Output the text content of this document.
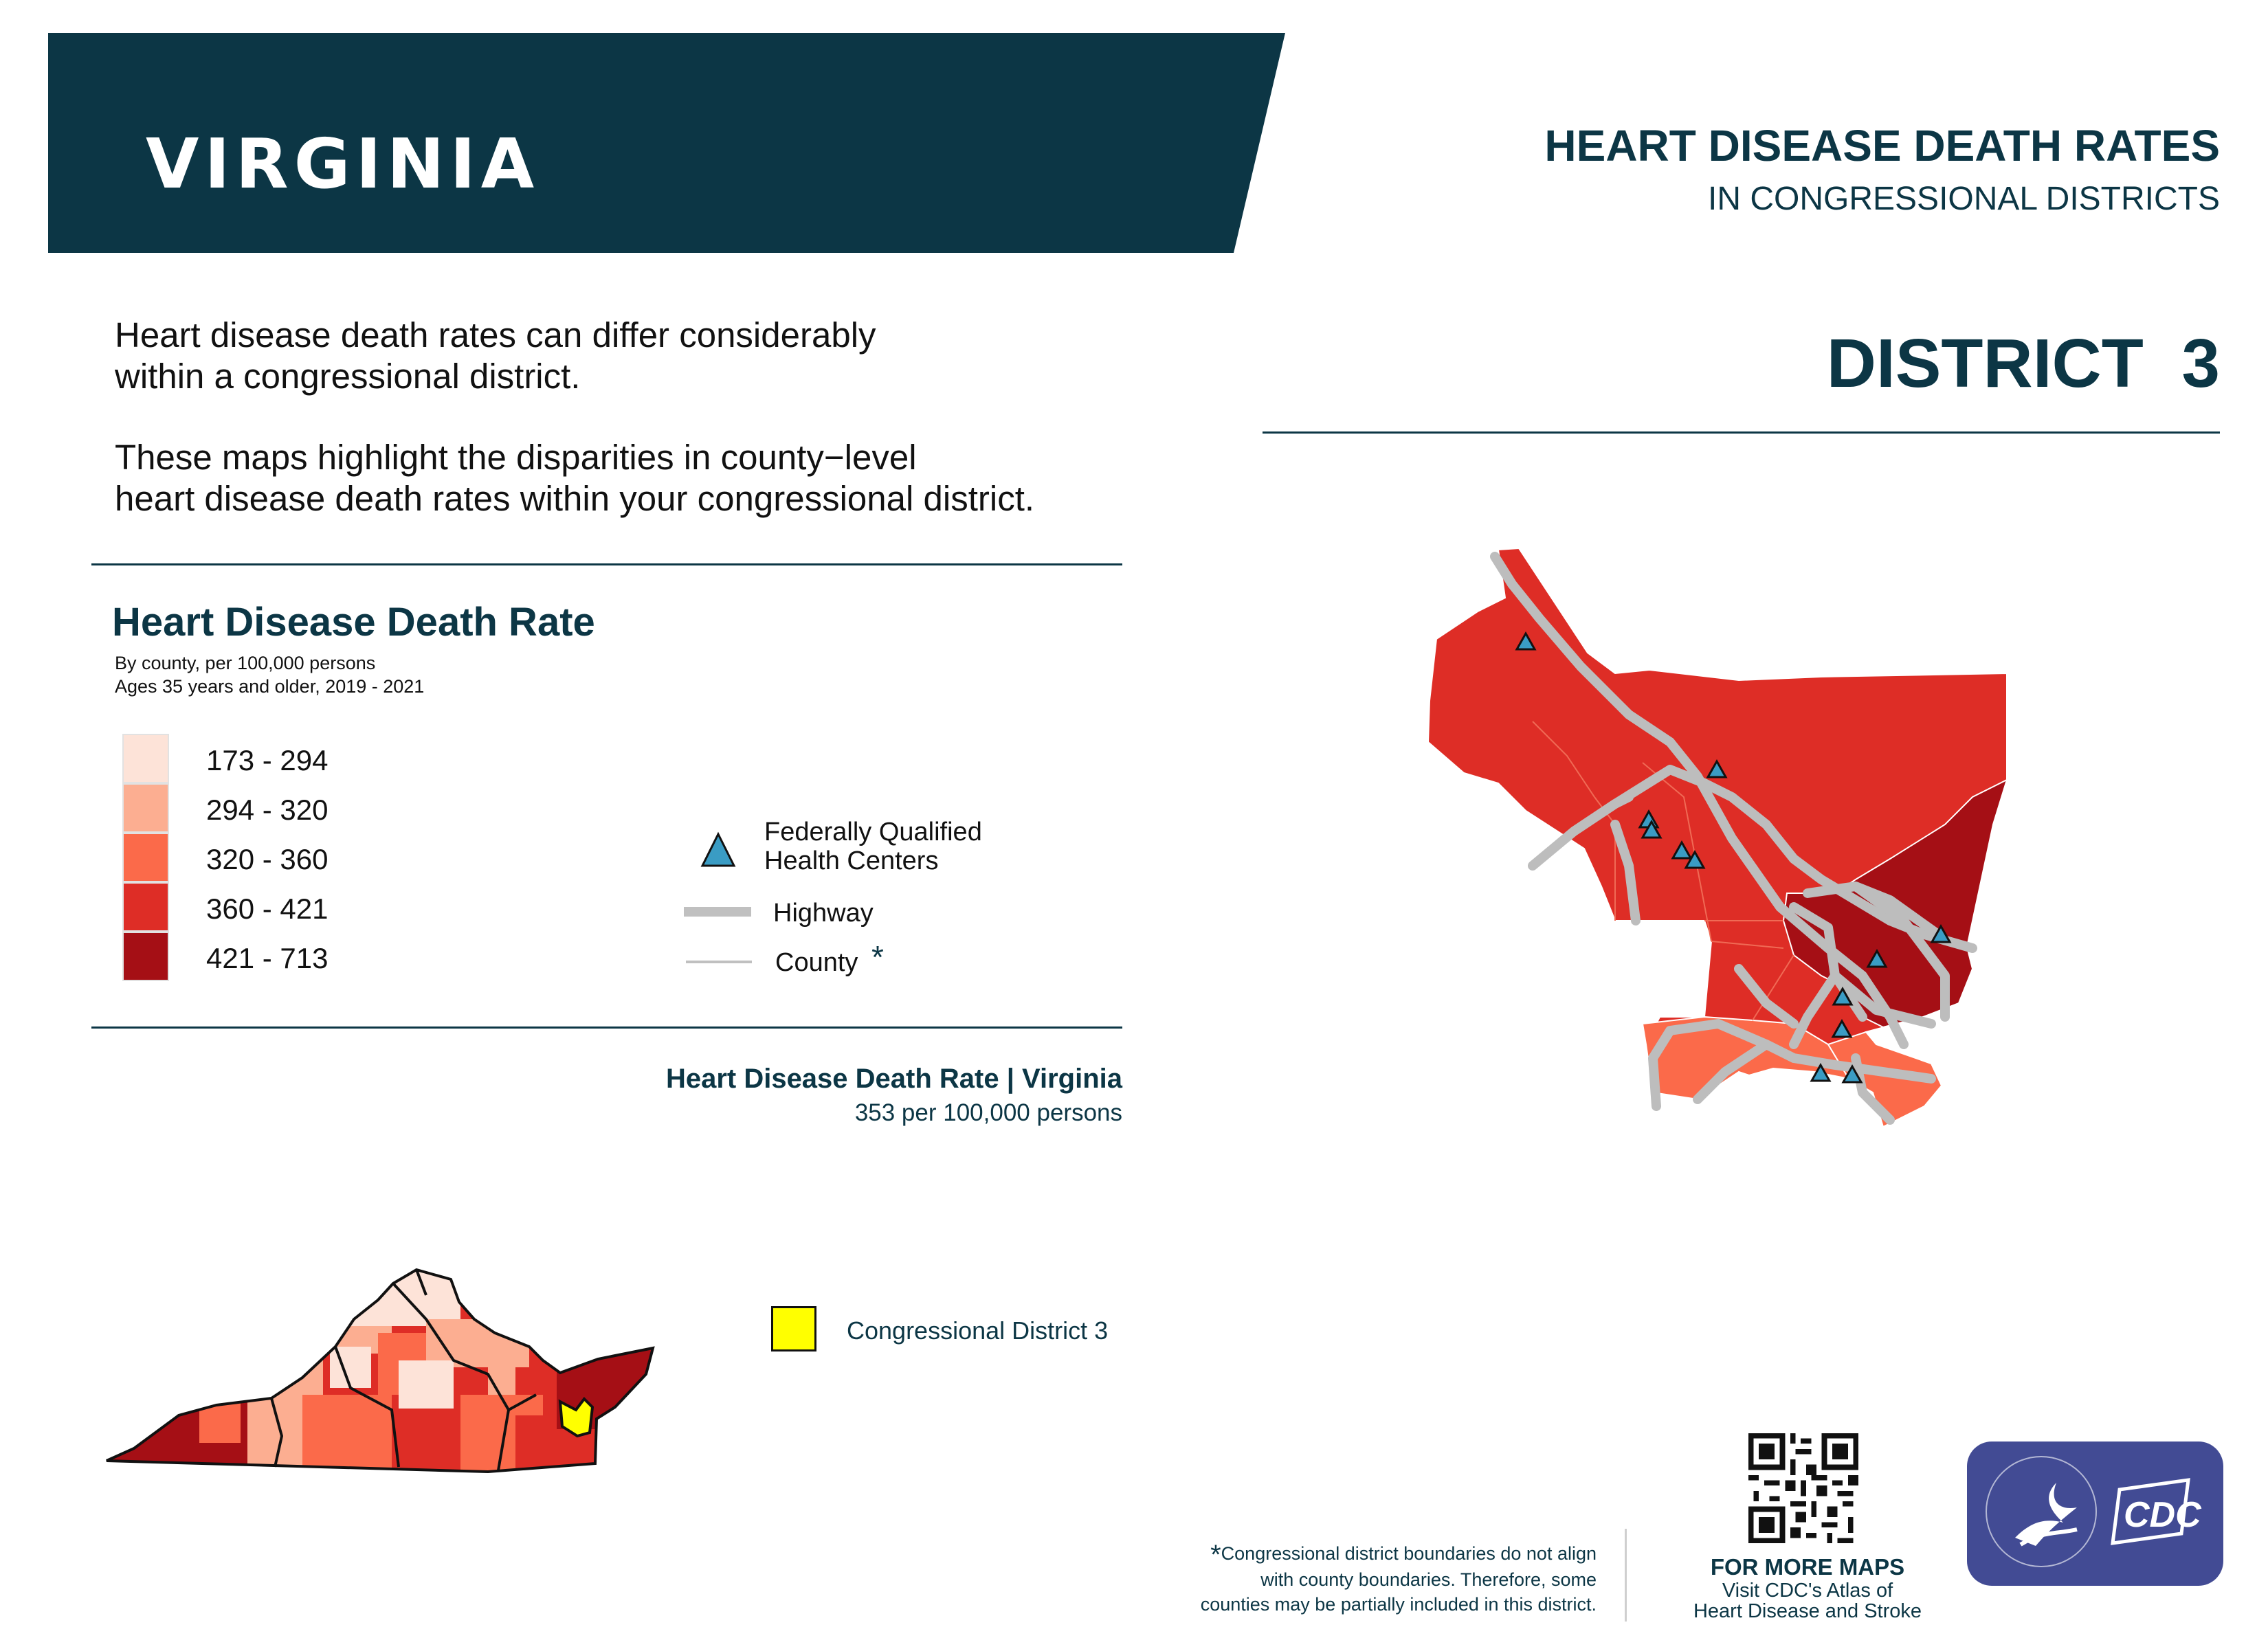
VIRGINIA	HEART DISEASE DEATH RATES
IN CONGRESSIONAL DISTRICTS
DISTRICT  3
Heart disease death rates can differ considerably
within a congressional district.
These maps highlight the disparities in county−level
heart disease death rates within your congressional district.
Heart Disease Death Rate
By county, per 100,000 persons
Ages 35 years and older, 2019 - 2021
173 - 294
294 - 320
320 - 360
360 - 421
421 - 713
Federally Qualified
Health Centers
Highway
County *
Heart Disease Death Rate | Virginia
353 per 100,000 persons
Congressional District 3
*Congressional district boundaries do not align
with county boundaries. Therefore, some
counties may be partially included in this district.
FOR MORE MAPS
Visit CDC's Atlas of
Heart Disease and Stroke
CDC
